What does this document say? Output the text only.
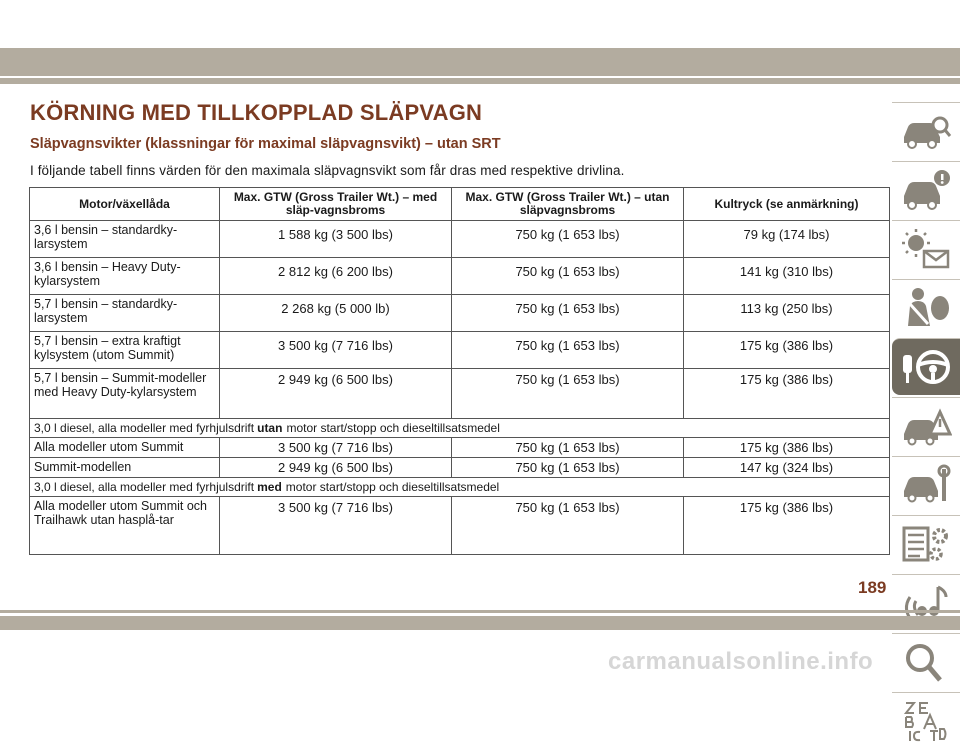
KÖRNING MED TILLKOPPLAD SLÄPVAGN
Släpvagnsvikter (klassningar för maximal släpvagnsvikt) – utan SRT

I följande tabell finns värden för den maximala släpvagnsvikt som får dras med respektive drivlina.

Motor/växellåda	Max. GTW (Gross Trailer Wt.) – med släp-vagnsbroms	Max. GTW (Gross Trailer Wt.) – utan släpvagnsbroms	Kultryck (se anmärkning)
3,6 l bensin – standardky-larsystem	1 588 kg (3 500 lbs)	750 kg (1 653 lbs)	79 kg (174 lbs)
3,6 l bensin – Heavy Duty-kylarsystem	2 812 kg (6 200 lbs)	750 kg (1 653 lbs)	141 kg (310 lbs)
5,7 l bensin – standardky-larsystem	2 268 kg (5 000 lb)	750 kg (1 653 lbs)	113 kg (250 lbs)
5,7 l bensin – extra kraftigt kylsystem (utom Summit)	3 500 kg (7 716 lbs)	750 kg (1 653 lbs)	175 kg (386 lbs)
5,7 l bensin – Summit-modeller med Heavy Duty-kylarsystem	2 949 kg (6 500 lbs)	750 kg (1 653 lbs)	175 kg (386 lbs)
3,0 l diesel, alla modeller med fyrhjulsdrift utan motor start/stopp och dieseltillsatsmedel			
Alla modeller utom Summit	3 500 kg (7 716 lbs)	750 kg (1 653 lbs)	175 kg (386 lbs)
Summit-modellen	2 949 kg (6 500 lbs)	750 kg (1 653 lbs)	147 kg (324 lbs)
3,0 l diesel, alla modeller med fyrhjulsdrift med motor start/stopp och dieseltillsatsmedel			
Alla modeller utom Summit och Trailhawk utan hasplå-tar	3 500 kg (7 716 lbs)	750 kg (1 653 lbs)	175 kg (386 lbs)
189
carmanualsonline.info
